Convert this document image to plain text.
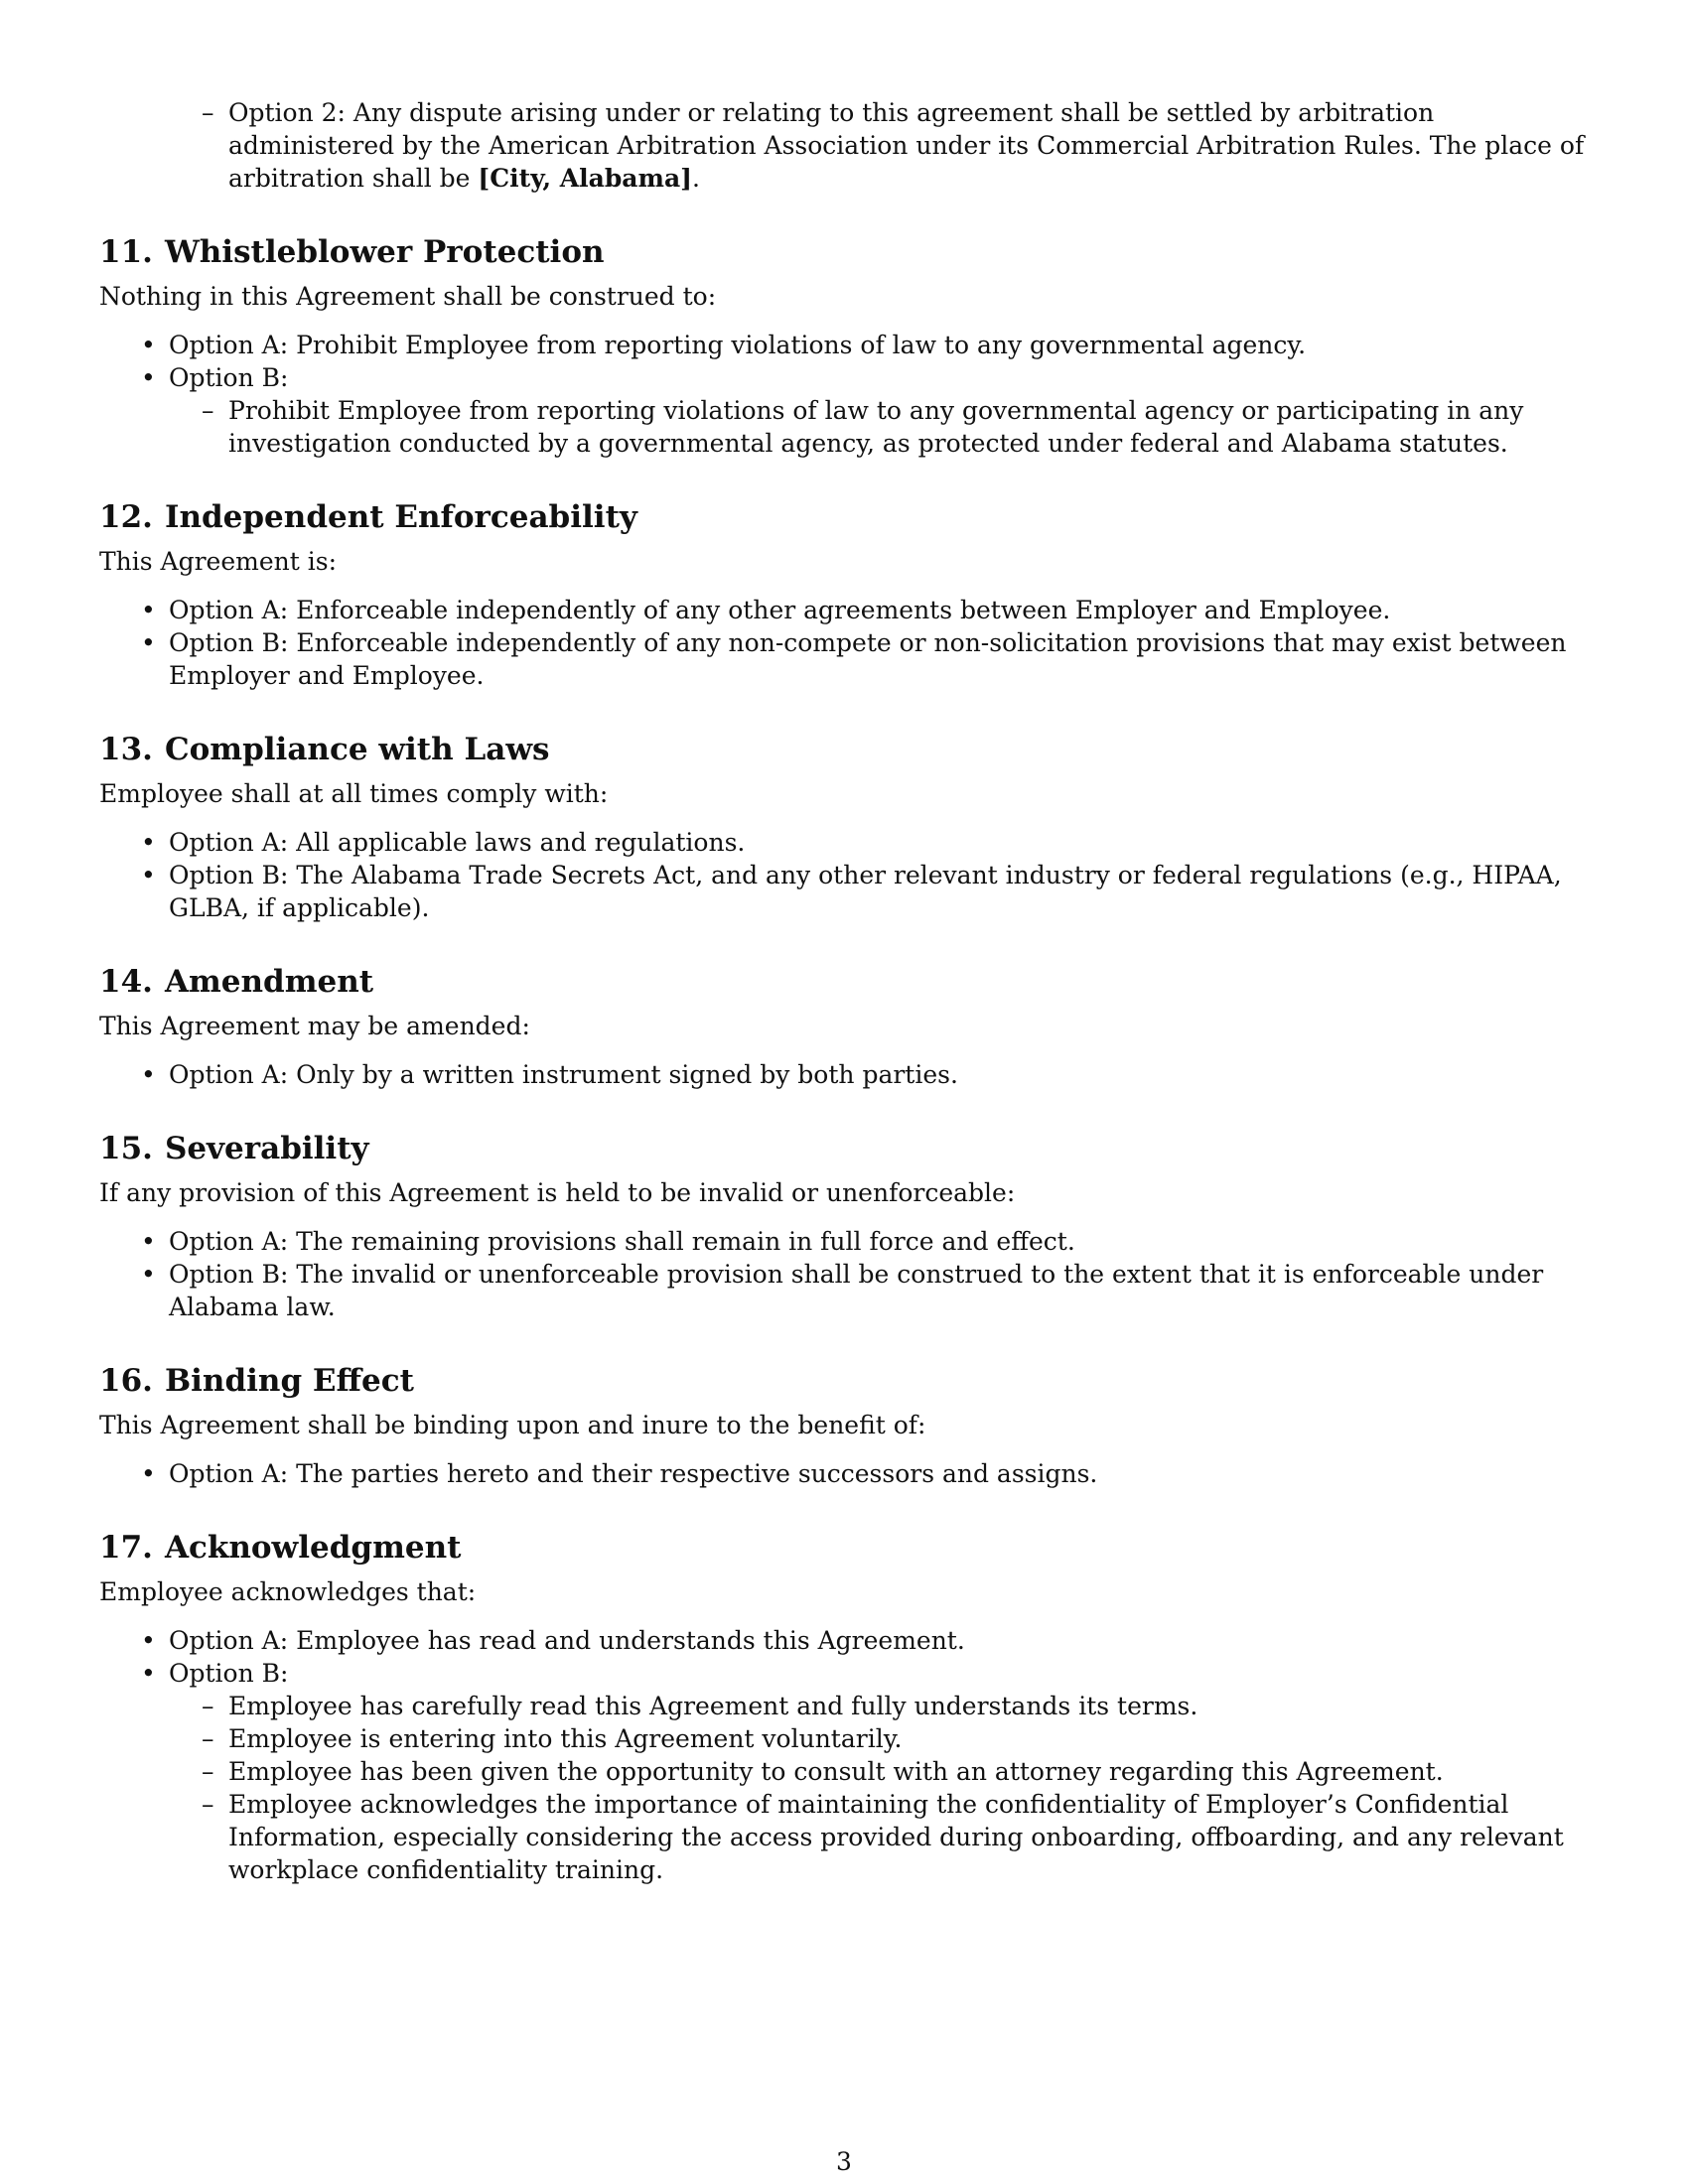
– Option 2: Any dispute arising under or relating to this agreement shall be settled by arbitration administered by the American Arbitration Association under its Commercial Arbitration Rules. The place of arbitration shall be [City, Alabama].
11. Whistleblower Protection

Nothing in this Agreement shall be construed to:

• Option A: Prohibit Employee from reporting violations of law to any governmental agency.
• Option B:
– Prohibit Employee from reporting violations of law to any governmental agency or participating in any investigation conducted by a governmental agency, as protected under federal and Alabama statutes.
12. Independent Enforceability

This Agreement is:

• Option A: Enforceable independently of any other agreements between Employer and Employee.
• Option B: Enforceable independently of any non-compete or non-solicitation provisions that may exist between Employer and Employee.
13. Compliance with Laws

Employee shall at all times comply with:

• Option A: All applicable laws and regulations.
• Option B: The Alabama Trade Secrets Act, and any other relevant industry or federal regulations (e.g., HIPAA, GLBA, if applicable).
14. Amendment

This Agreement may be amended:

• Option A: Only by a written instrument signed by both parties.
15. Severability

If any provision of this Agreement is held to be invalid or unenforceable:

• Option A: The remaining provisions shall remain in full force and effect.
• Option B: The invalid or unenforceable provision shall be construed to the extent that it is enforceable under Alabama law.
16. Binding Effect

This Agreement shall be binding upon and inure to the benefit of:

• Option A: The parties hereto and their respective successors and assigns.
17. Acknowledgment

Employee acknowledges that:

• Option A: Employee has read and understands this Agreement.
• Option B:
– Employee has carefully read this Agreement and fully understands its terms.
– Employee is entering into this Agreement voluntarily.
– Employee has been given the opportunity to consult with an attorney regarding this Agreement.
– Employee acknowledges the importance of maintaining the confidentiality of Employer’s Confidential Information, especially considering the access provided during onboarding, offboarding, and any relevant workplace confidentiality training.
3
